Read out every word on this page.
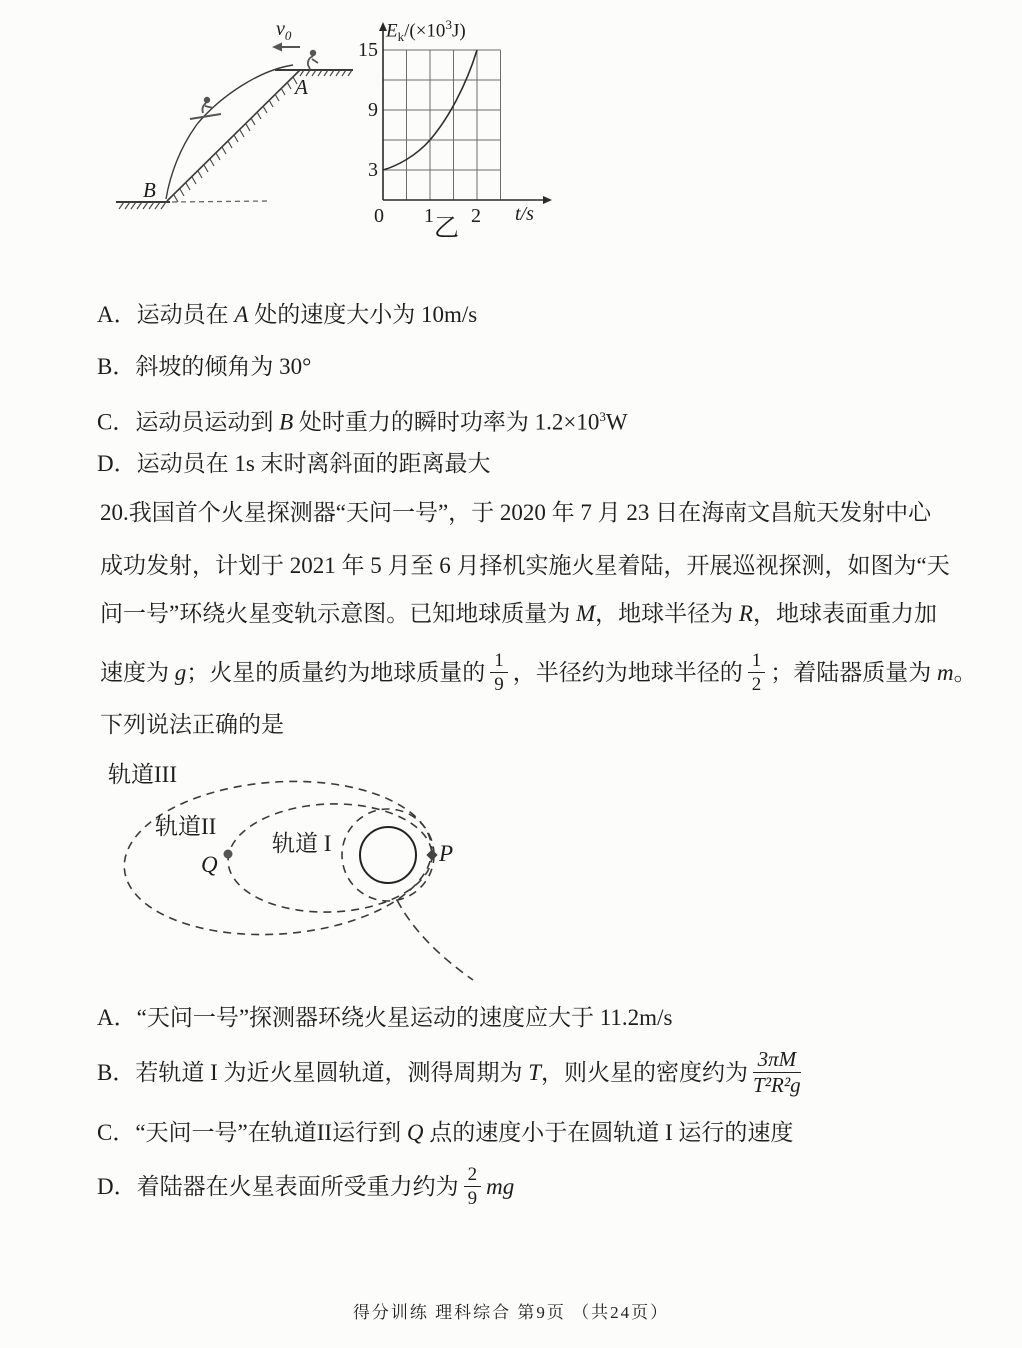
$v_0$
A
B
$E_k/(\times 10^3J)$
15
9
3
0 1 2 t/s
乙
A．运动员在 A 处的速度大小为 10m/s
B．斜坡的倾角为 30°
C．运动员运动到 B 处时重力的瞬时功率为 $1.2\times 10^3W$
D．运动员在 1s 末时离斜面的距离最大
20.我国首个火星探测器“天问一号”，于 2020 年 7 月 23 日在海南文昌航天发射中心
成功发射，计划于 2021 年 5 月至 6 月择机实施火星着陆，开展巡视探测，如图为“天
问一号”环绕火星变轨示意图。已知地球质量为 M，地球半径为 R，地球表面重力加
速度为 g；火星的质量约为地球质量的 $\frac{1}{9}$ ，半径约为地球半径的 $\frac{1}{2}$ ；着陆器质量为 m。
下列说法正确的是
轨道III
轨道II
轨道 I
Q	P
A．“天问一号”探测器环绕火星运动的速度应大于 11.2m/s
B．若轨道 I 为近火星圆轨道，测得周期为 T，则火星的密度约为 $\frac{3\pi M}{\text{T²R²g}}$
C．“天问一号”在轨道II运行到 Q 点的速度小于在圆轨道 I 运行的速度
D．着陆器在火星表面所受重力约为 $\frac{2}{9}$ mg
得分训练 理科综合 第9页 （共24页）
